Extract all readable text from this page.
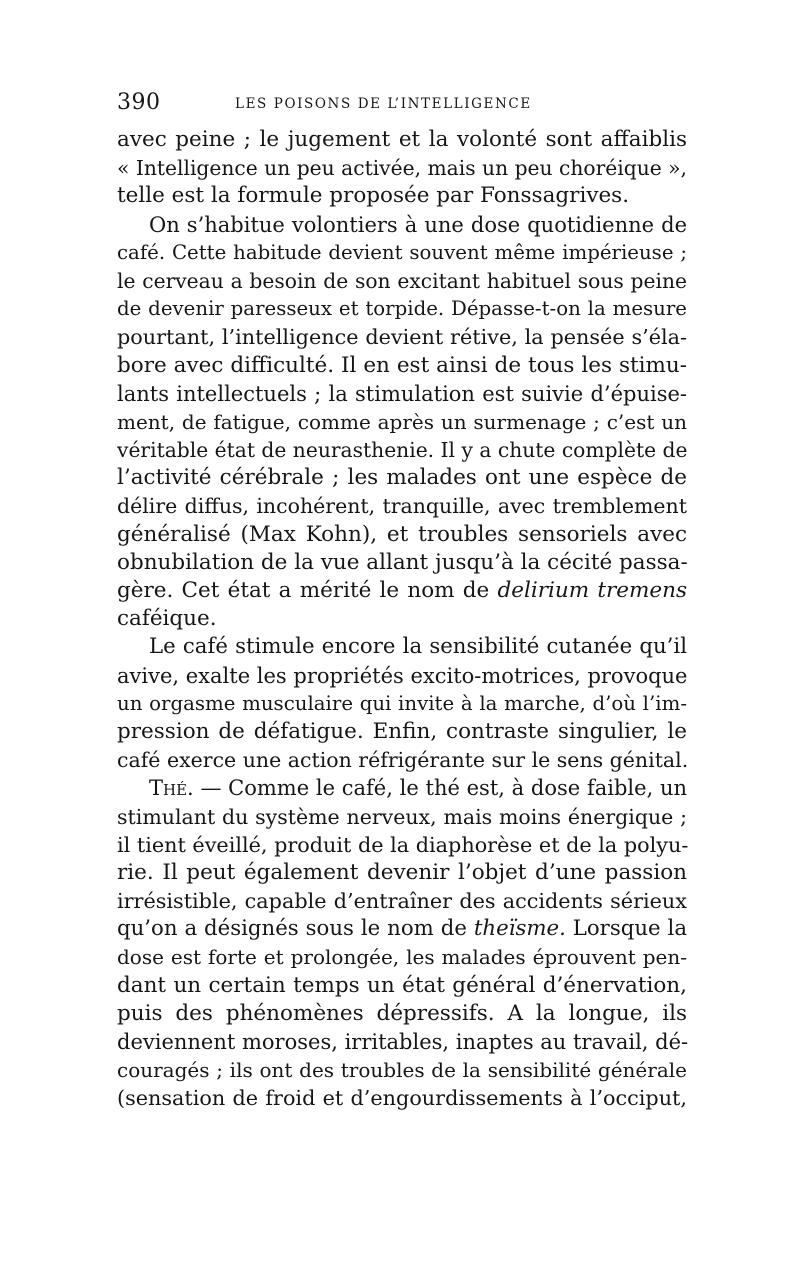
390	LES POISONS DE L’INTELLIGENCE
avec peine ; le jugement et la volonté sont affaiblis
« Intelligence un peu activée, mais un peu choréique »,
telle est la formule proposée par Fonssagrives.
On s’habitue volontiers à une dose quotidienne de
café. Cette habitude devient souvent même impérieuse ;
le cerveau a besoin de son excitant habituel sous peine
de devenir paresseux et torpide. Dépasse-t-on la mesure
pourtant, l’intelligence devient rétive, la pensée s’éla-
bore avec difficulté. Il en est ainsi de tous les stimu-
lants intellectuels ; la stimulation est suivie d’épuise-
ment, de fatigue, comme après un surmenage ; c’est un
véritable état de neurasthenie. Il y a chute complète de
l’activité cérébrale ; les malades ont une espèce de
délire diffus, incohérent, tranquille, avec tremblement
généralisé (Max Kohn), et troubles sensoriels avec
obnubilation de la vue allant jusqu’à la cécité passa-
gère. Cet état a mérité le nom de delirium tremens
caféique.
Le café stimule encore la sensibilité cutanée qu’il
avive, exalte les propriétés excito-motrices, provoque
un orgasme musculaire qui invite à la marche, d’où l’im-
pression de défatigue. Enfin, contraste singulier, le
café exerce une action réfrigérante sur le sens génital.
Thé. — Comme le café, le thé est, à dose faible, un
stimulant du système nerveux, mais moins énergique ;
il tient éveillé, produit de la diaphorèse et de la polyu-
rie. Il peut également devenir l’objet d’une passion
irrésistible, capable d’entraîner des accidents sérieux
qu’on a désignés sous le nom de theïsme. Lorsque la
dose est forte et prolongée, les malades éprouvent pen-
dant un certain temps un état général d’énervation,
puis des phénomènes dépressifs. A la longue, ils
deviennent moroses, irritables, inaptes au travail, dé-
couragés ; ils ont des troubles de la sensibilité générale
(sensation de froid et d’engourdissements à l’occiput,
